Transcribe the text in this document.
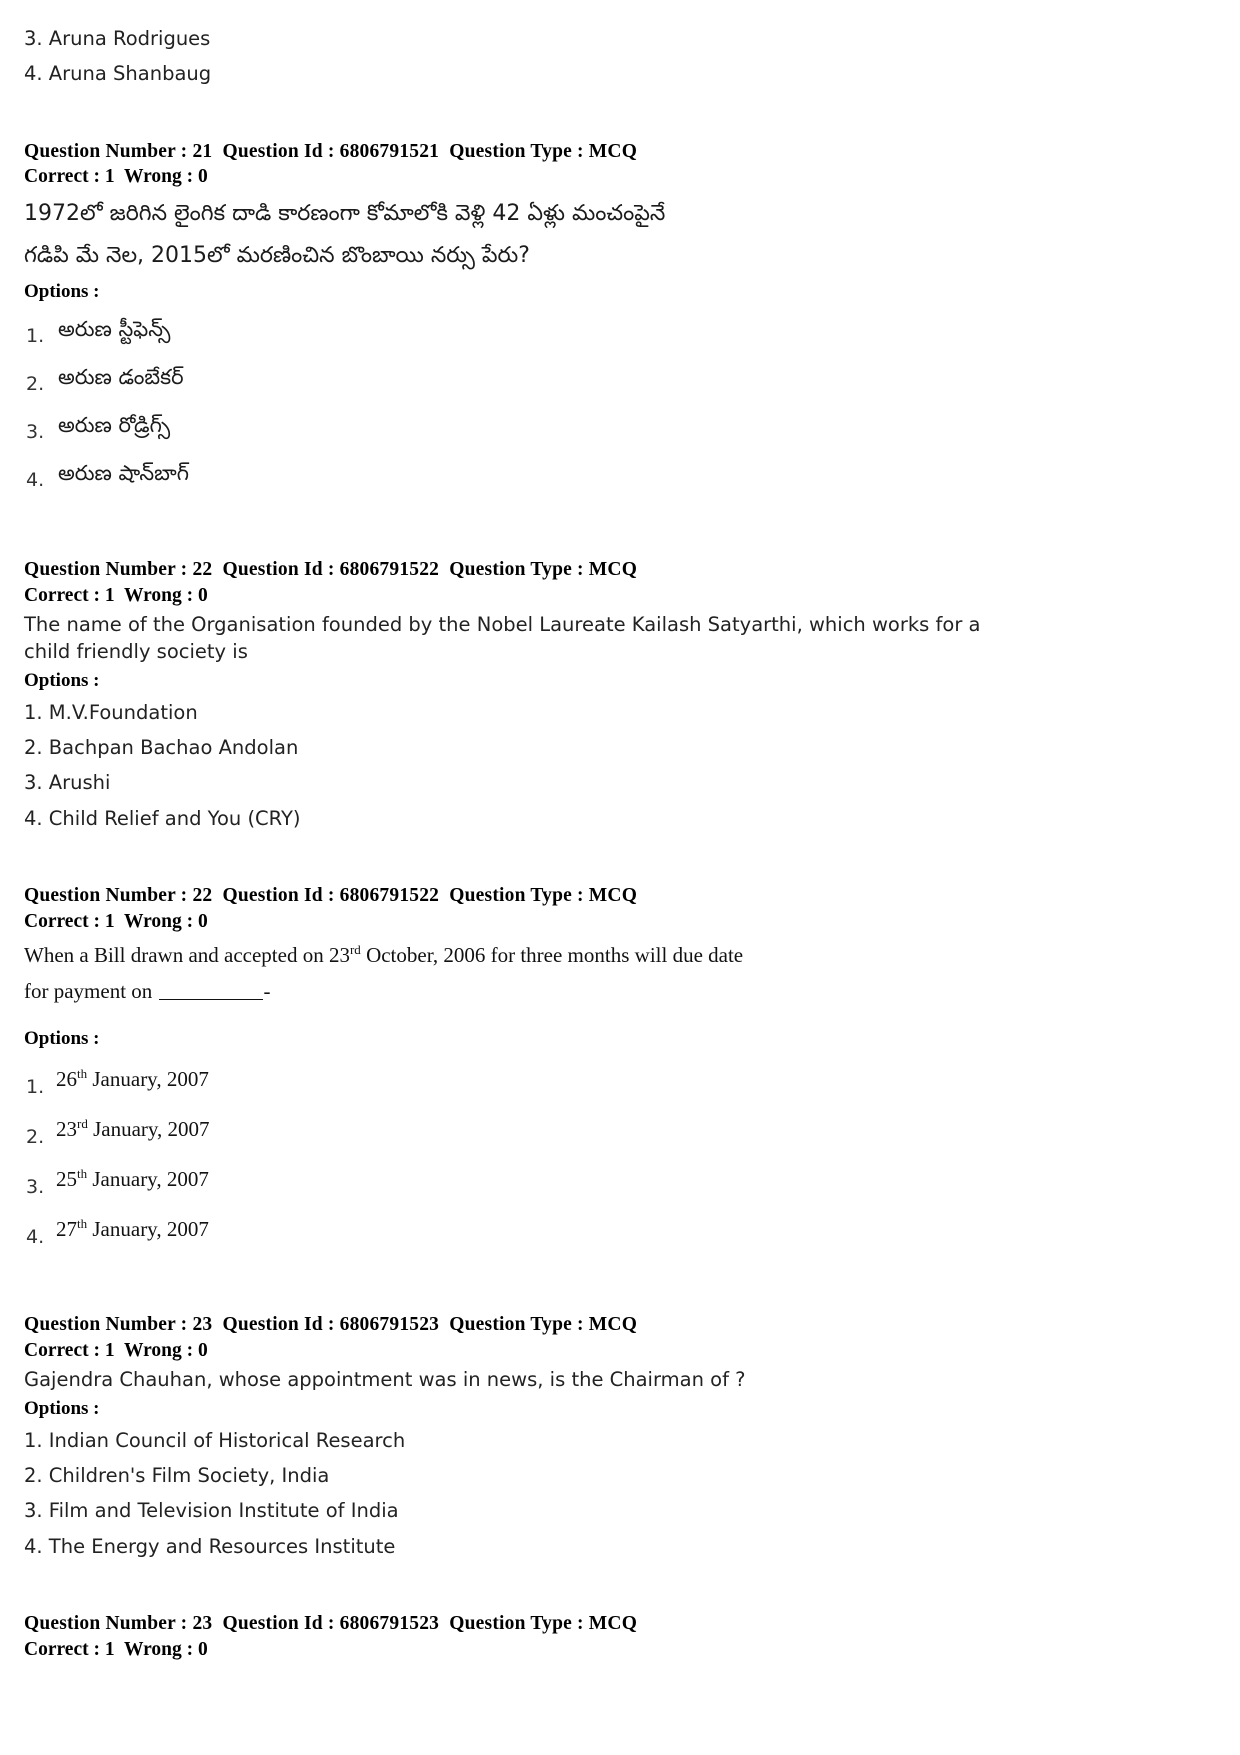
3. Aruna Rodrigues
4. Aruna Shanbaug
Question Number : 21  Question Id : 6806791521  Question Type : MCQ
Correct : 1  Wrong : 0
1972లో జరిగిన లైంగిక దాడి కారణంగా కోమాలోకి వెళ్లి 42 ఏళ్లు మంచంపైనే
గడిపి మే నెల, 2015లో మరణించిన బొంబాయి నర్సు పేరు?
Options :
1. అరుణ స్టీఫెన్స్
2. అరుణ డంబేకర్
3. అరుణ రోడ్రిగ్స్
4. అరుణ షాన్‌బాగ్
Question Number : 22  Question Id : 6806791522  Question Type : MCQ
Correct : 1  Wrong : 0
The name of the Organisation founded by the Nobel Laureate Kailash Satyarthi, which works for a child friendly society is
Options :
1. M.V.Foundation
2. Bachpan Bachao Andolan
3. Arushi
4. Child Relief and You (CRY)
Question Number : 22  Question Id : 6806791522  Question Type : MCQ
Correct : 1  Wrong : 0
When a Bill drawn and accepted on 23rd October, 2006 for three months will due date
for payment on	-
Options :
1. 26th January, 2007
2. 23rd January, 2007
3. 25th January, 2007
4. 27th January, 2007
Question Number : 23  Question Id : 6806791523  Question Type : MCQ
Correct : 1  Wrong : 0
Gajendra Chauhan, whose appointment was in news, is the Chairman of ?
Options :
1. Indian Council of Historical Research
2. Children's Film Society, India
3. Film and Television Institute of India
4. The Energy and Resources Institute
Question Number : 23  Question Id : 6806791523  Question Type : MCQ
Correct : 1  Wrong : 0
